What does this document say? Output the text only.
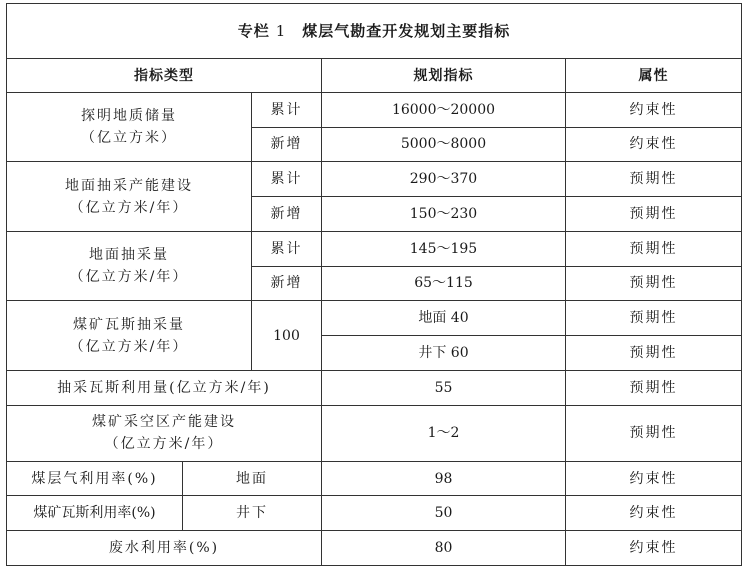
专栏 1 煤层气勘查开发规划主要指标				
指标类型			规划指标	属性

探明地质储量
（亿立方米）		累计	16000～20000	约束性
		新增	5000～8000	约束性

地面抽采产能建设
（亿立方米/年）		累计	290～370	预期性
		新增	150～230	预期性

地面抽采量
（亿立方米/年）		累计	145～195	预期性
		新增	65～115	预期性

煤矿瓦斯抽采量
（亿立方米/年）		100	地面 40	预期性
			井下 60	预期性
抽采瓦斯利用量(亿立方米/年)			55	预期性

煤矿采空区产能建设
（亿立方米/年）			1～2	预期性
煤层气利用率(%)	地面		98	约束性
煤矿瓦斯利用率(%)	井下		50	约束性
废水利用率(%)			80	约束性
